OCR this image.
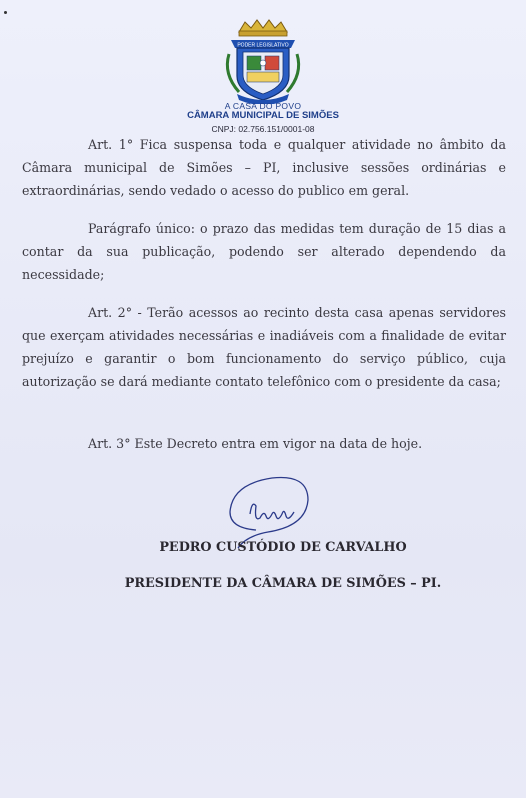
PODER LEGISLATIVO
A CASA DO POVO
CÂMARA MUNICIPAL DE SIMÕES
CNPJ: 02.756.151/0001-08

Art. 1° Fica suspensa toda e qualquer atividade no âmbito da Câmara municipal de Simões – PI, inclusive sessões ordinárias e extraordinárias, sendo vedado o acesso do publico em geral.

Parágrafo único: o prazo das medidas tem duração de 15 dias a contar da sua publicação, podendo ser alterado dependendo da necessidade;

Art. 2° - Terão acessos ao recinto desta casa apenas servidores que exerçam atividades necessárias e inadiáveis com a finalidade de evitar prejuízo e garantir o bom funcionamento do serviço público, cuja autorização se dará mediante contato telefônico com o presidente da casa;

Art. 3° Este Decreto entra em vigor na data de hoje.

PEDRO CUSTÓDIO DE CARVALHO
PRESIDENTE DA CÂMARA DE SIMÕES – PI.
